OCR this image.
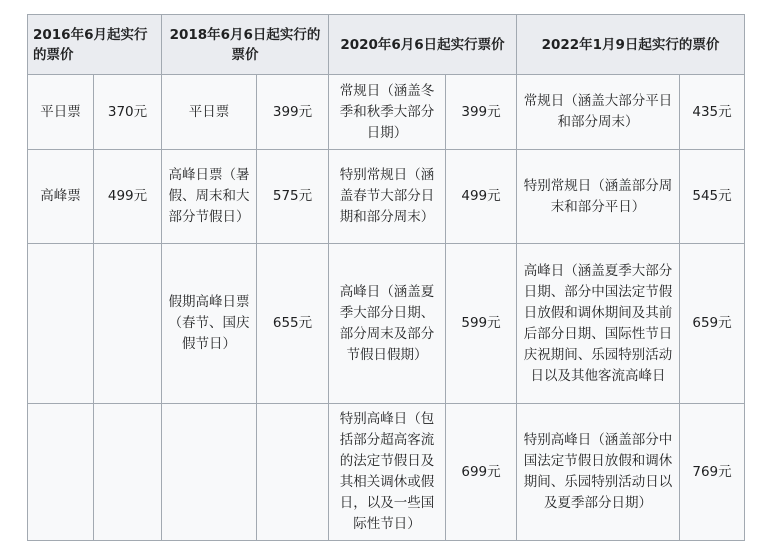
2016年6月起实行的票价		2018年6月6日起实行的票价		2020年6月6日起实行票价		2022年1月9日起实行的票价	
平日票	370元	平日票	399元	常规日（涵盖冬季和秋季大部分日期）	399元	常规日（涵盖大部分平日和部分周末）	435元
高峰票	499元	高峰日票（暑假、周末和大部分节假日）	575元	特别常规日（涵盖春节大部分日期和部分周末）	499元	特别常规日（涵盖部分周末和部分平日）	545元
		假期高峰日票（春节、国庆假节日）	655元	高峰日（涵盖夏季大部分日期、部分周末及部分节假日假期）	599元	高峰日（涵盖夏季大部分日期、部分中国法定节假日放假和调休期间及其前后部分日期、国际性节日庆祝期间、乐园特别活动日以及其他客流高峰日	659元
				特别高峰日（包括部分超高客流的法定节假日及其相关调休或假日，以及一些国际性节日）	699元	特别高峰日（涵盖部分中国法定节假日放假和调休期间、乐园特别活动日以及夏季部分日期）	769元
